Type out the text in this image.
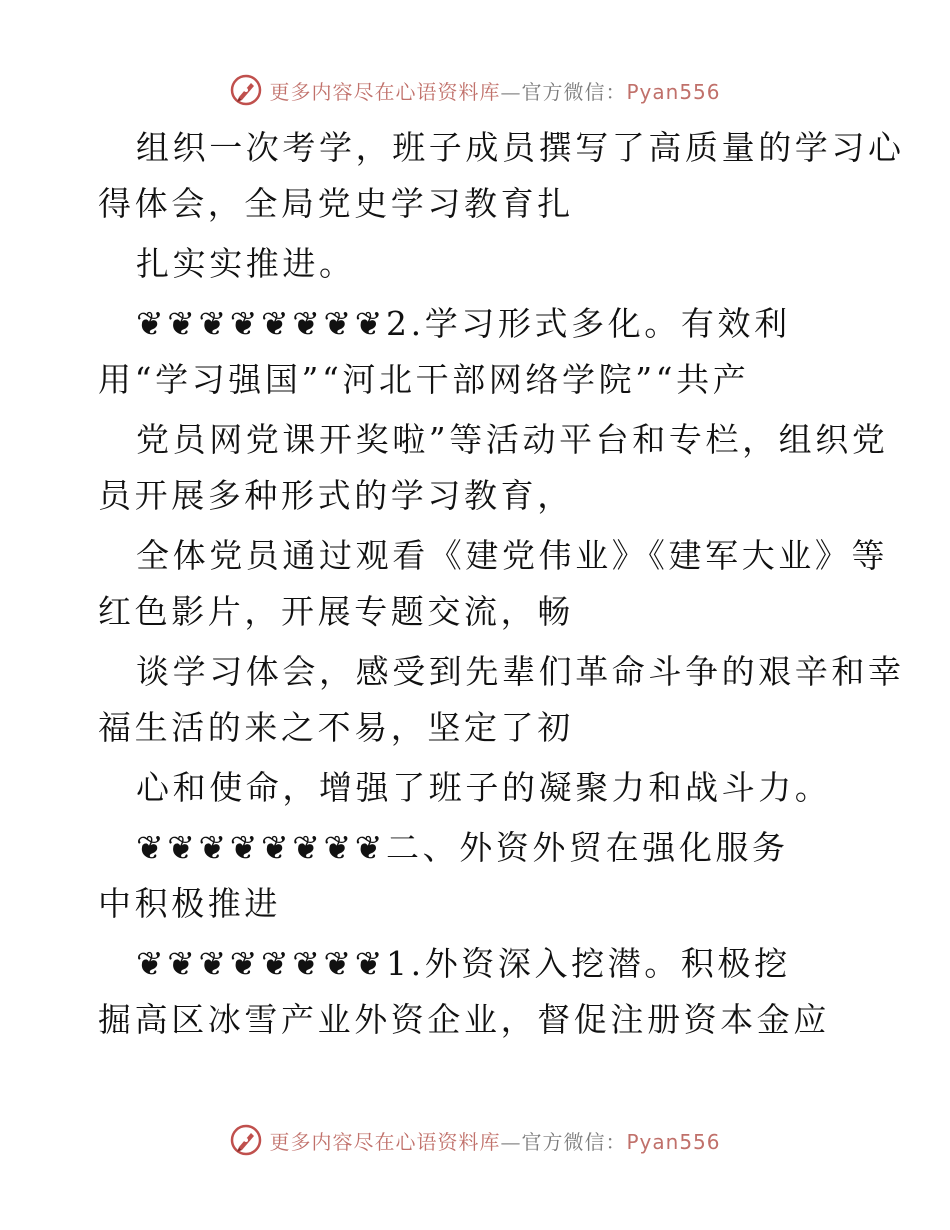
更多内容尽在心语资料库—官方微信：Pyan556
组织一次考学，班子成员撰写了高质量的学习心
得体会，全局党史学习教育扎
扎实实推进。
❦❦❦❦❦❦❦❦2.学习形式多化。有效利
用“学习强国”“河北干部网络学院”“共产
党员网党课开奖啦”等活动平台和专栏，组织党
员开展多种形式的学习教育，
全体党员通过观看《建党伟业》《建军大业》等
红色影片，开展专题交流，畅
谈学习体会，感受到先辈们革命斗争的艰辛和幸
福生活的来之不易，坚定了初
心和使命，增强了班子的凝聚力和战斗力。
❦❦❦❦❦❦❦❦二、外资外贸在强化服务
中积极推进
❦❦❦❦❦❦❦❦1.外资深入挖潜。积极挖
掘高区冰雪产业外资企业，督促注册资本金应
更多内容尽在心语资料库—官方微信：Pyan556
